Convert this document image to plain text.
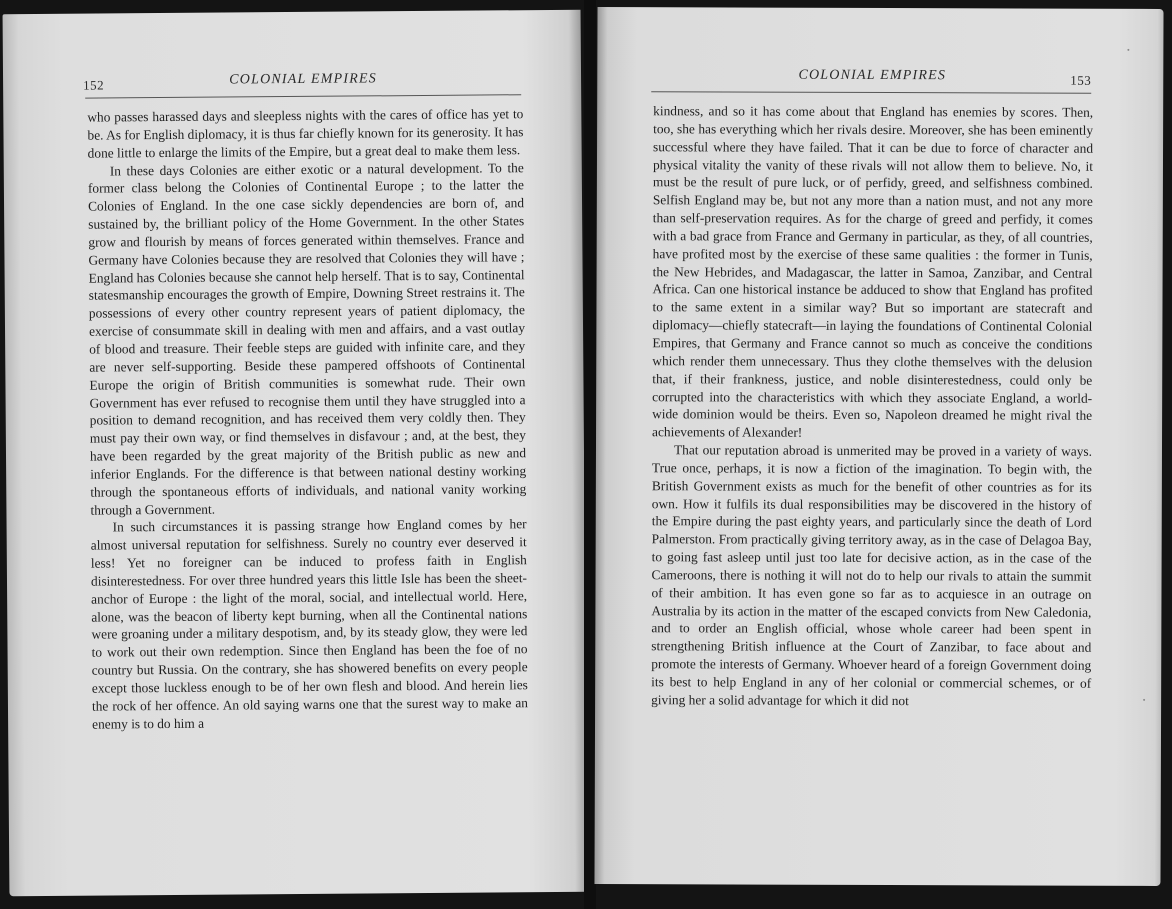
152	COLONIAL EMPIRES

who passes harassed days and sleepless nights with the cares of office has yet to be. As for English diplomacy, it is thus far chiefly known for its generosity. It has done little to enlarge the limits of the Empire, but a great deal to make them less.

In these days Colonies are either exotic or a natural development. To the former class belong the Colonies of Continental Europe ; to the latter the Colonies of England. In the one case sickly dependencies are born of, and sustained by, the brilliant policy of the Home Government. In the other States grow and flourish by means of forces generated within themselves. France and Germany have Colonies because they are resolved that Colonies they will have ; England has Colonies because she cannot help herself. That is to say, Continental statesmanship encourages the growth of Empire, Downing Street restrains it. The possessions of every other country represent years of patient diplomacy, the exercise of consummate skill in dealing with men and affairs, and a vast outlay of blood and treasure. Their feeble steps are guided with infinite care, and they are never self-supporting. Beside these pampered offshoots of Continental Europe the origin of British communities is somewhat rude. Their own Government has ever refused to recognise them until they have struggled into a position to demand recognition, and has received them very coldly then. They must pay their own way, or find themselves in disfavour ; and, at the best, they have been regarded by the great majority of the British public as new and inferior Englands. For the difference is that between national destiny working through the spontaneous efforts of individuals, and national vanity working through a Government.

In such circumstances it is passing strange how England comes by her almost universal reputation for selfishness. Surely no country ever deserved it less! Yet no foreigner can be induced to profess faith in English disinterestedness. For over three hundred years this little Isle has been the sheet-anchor of Europe : the light of the moral, social, and intellectual world. Here, alone, was the beacon of liberty kept burning, when all the Continental nations were groaning under a military despotism, and, by its steady glow, they were led to work out their own redemption. Since then England has been the foe of no country but Russia. On the contrary, she has showered benefits on every people except those luckless enough to be of her own flesh and blood. And herein lies the rock of her offence. An old saying warns one that the surest way to make an enemy is to do him a

COLONIAL EMPIRES	153

kindness, and so it has come about that England has enemies by scores. Then, too, she has everything which her rivals desire. Moreover, she has been eminently successful where they have failed. That it can be due to force of character and physical vitality the vanity of these rivals will not allow them to believe. No, it must be the result of pure luck, or of perfidy, greed, and selfishness combined. Selfish England may be, but not any more than a nation must, and not any more than self-preservation requires. As for the charge of greed and perfidy, it comes with a bad grace from France and Germany in particular, as they, of all countries, have profited most by the exercise of these same qualities : the former in Tunis, the New Hebrides, and Madagascar, the latter in Samoa, Zanzibar, and Central Africa. Can one historical instance be adduced to show that England has profited to the same extent in a similar way? But so important are statecraft and diplomacy—chiefly statecraft—in laying the foundations of Continental Colonial Empires, that Germany and France cannot so much as conceive the conditions which render them unnecessary. Thus they clothe themselves with the delusion that, if their frankness, justice, and noble disinterestedness, could only be corrupted into the characteristics with which they associate England, a world-wide dominion would be theirs. Even so, Napoleon dreamed he might rival the achievements of Alexander!

That our reputation abroad is unmerited may be proved in a variety of ways. True once, perhaps, it is now a fiction of the imagination. To begin with, the British Government exists as much for the benefit of other countries as for its own. How it fulfils its dual responsibilities may be discovered in the history of the Empire during the past eighty years, and particularly since the death of Lord Palmerston. From practically giving territory away, as in the case of Delagoa Bay, to going fast asleep until just too late for decisive action, as in the case of the Cameroons, there is nothing it will not do to help our rivals to attain the summit of their ambition. It has even gone so far as to acquiesce in an outrage on Australia by its action in the matter of the escaped convicts from New Caledonia, and to order an English official, whose whole career had been spent in strengthening British influence at the Court of Zanzibar, to face about and promote the interests of Germany. Whoever heard of a foreign Government doing its best to help England in any of her colonial or commercial schemes, or of giving her a solid advantage for which it did not
